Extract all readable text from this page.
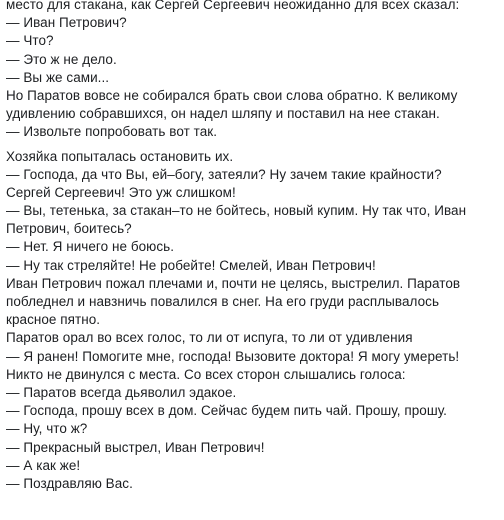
место для стакана, как Сергей Сергеевич неожиданно для всех сказал:
— Иван Петрович?
— Что?
— Это ж не дело.
— Вы же сами...
Но Паратов вовсе не собирался брать свои слова обратно. К великому
удивлению собравшихся, он надел шляпу и поставил на нее стакан.
— Извольте попробовать вот так.
Хозяйка попыталась остановить их.
— Господа, да что Вы, ей–богу, затеяли? Ну зачем такие крайности?
Сергей Сергеевич! Это уж слишком!
— Вы, тетенька, за стакан–то не бойтесь, новый купим. Ну так что, Иван
Петрович, боитесь?
— Нет. Я ничего не боюсь.
— Ну так стреляйте! Не робейте! Смелей, Иван Петрович!
Иван Петрович пожал плечами и, почти не целясь, выстрелил. Паратов
побледнел и навзничь повалился в снег. На его груди расплывалось
красное пятно.
Паратов орал во всех голос, то ли от испуга, то ли от удивления
— Я ранен! Помогите мне, господа! Вызовите доктора! Я могу умереть!
Никто не двинулся с места. Со всех сторон слышались голоса:
— Паратов всегда дьяволил эдакое.
— Господа, прошу всех в дом. Сейчас будем пить чай. Прошу, прошу.
— Ну, что ж?
— Прекрасный выстрел, Иван Петрович!
— А как же!
— Поздравляю Вас.
